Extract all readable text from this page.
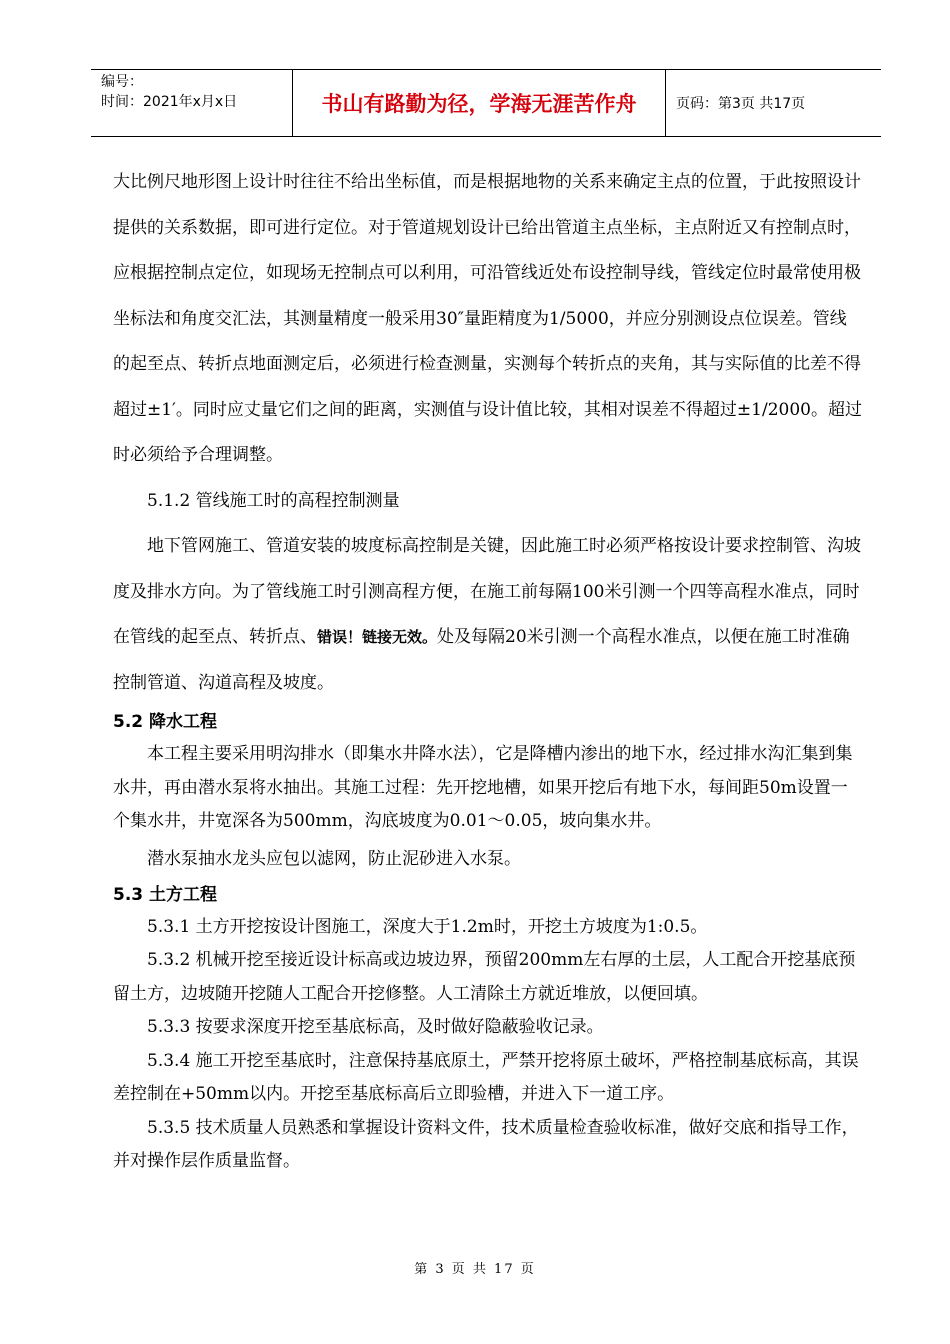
编号：
时间：2021年x月x日	书山有路勤为径，学海无涯苦作舟	页码：第3页 共17页

大比例尺地形图上设计时往往不给出坐标值，而是根据地物的关系来确定主点的位置，于此按照设计提供的关系数据，即可进行定位。对于管道规划设计已给出管道主点坐标，主点附近又有控制点时，应根据控制点定位，如现场无控制点可以利用，可沿管线近处布设控制导线，管线定位时最常使用极坐标法和角度交汇法，其测量精度一般采用30″量距精度为1/5000，并应分别测设点位误差。管线的起至点、转折点地面测定后，必须进行检查测量，实测每个转折点的夹角，其与实际值的比差不得超过±1′。同时应丈量它们之间的距离，实测值与设计值比较，其相对误差不得超过±1/2000。超过时必须给予合理调整。

5.1.2 管线施工时的高程控制测量

地下管网施工、管道安装的坡度标高控制是关键，因此施工时必须严格按设计要求控制管、沟坡度及排水方向。为了管线施工时引测高程方便，在施工前每隔100米引测一个四等高程水准点，同时在管线的起至点、转折点、错误！链接无效。处及每隔20米引测一个高程水准点，以便在施工时准确控制管道、沟道高程及坡度。

5.2 降水工程

本工程主要采用明沟排水（即集水井降水法），它是降槽内渗出的地下水，经过排水沟汇集到集水井，再由潜水泵将水抽出。其施工过程：先开挖地槽，如果开挖后有地下水，每间距50m设置一个集水井，井宽深各为500mm，沟底坡度为0.01～0.05，坡向集水井。

潜水泵抽水龙头应包以滤网，防止泥砂进入水泵。

5.3 土方工程

5.3.1 土方开挖按设计图施工，深度大于1.2m时，开挖土方坡度为1:0.5。

5.3.2 机械开挖至接近设计标高或边坡边界，预留200mm左右厚的土层，人工配合开挖基底预留土方，边坡随开挖随人工配合开挖修整。人工清除土方就近堆放，以便回填。

5.3.3 按要求深度开挖至基底标高，及时做好隐蔽验收记录。

5.3.4 施工开挖至基底时，注意保持基底原土，严禁开挖将原土破坏，严格控制基底标高，其误差控制在+50mm以内。开挖至基底标高后立即验槽，并进入下一道工序。

5.3.5 技术质量人员熟悉和掌握设计资料文件，技术质量检查验收标准，做好交底和指导工作，并对操作层作质量监督。

第 3 页 共 17 页
